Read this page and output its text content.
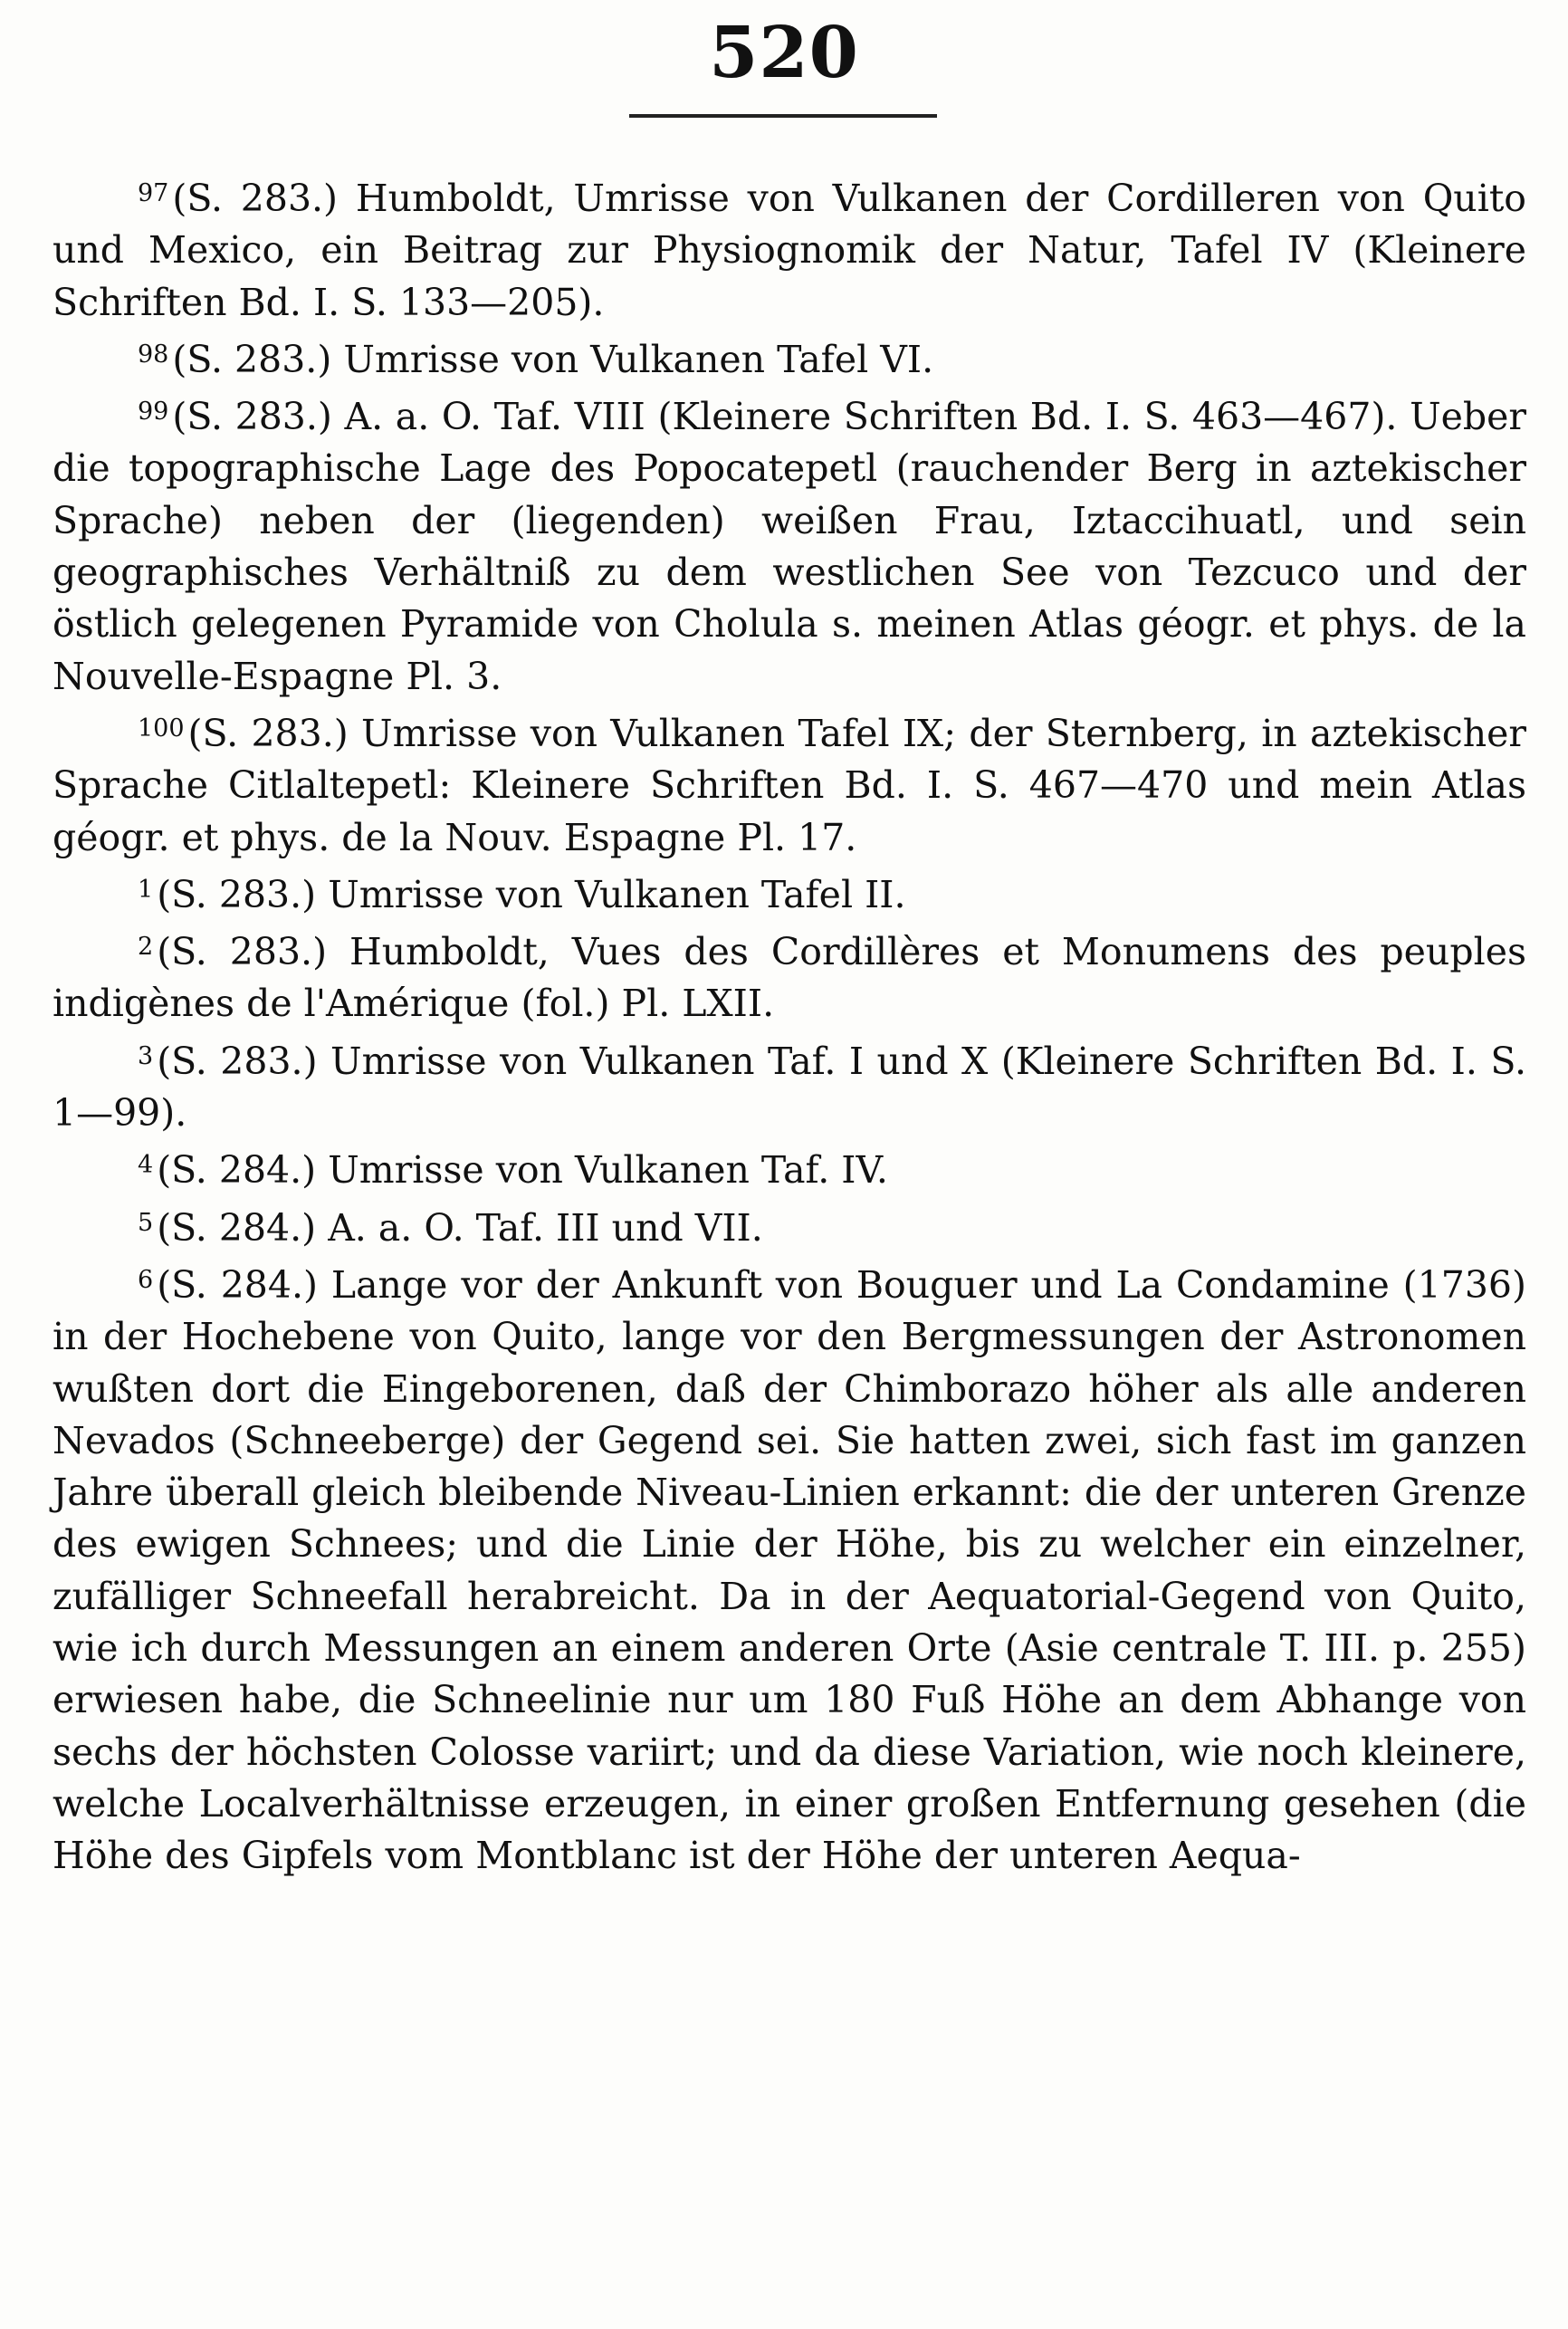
520

$^{97}$(S. 283.) Humboldt, Umrisse von Vulkanen der Cordilleren von Quito und Mexico, ein Beitrag zur Physiognomik der Natur, Tafel IV (Kleinere Schriften Bd. I. S. 133—205).

$^{98}$(S. 283.) Umrisse von Vulkanen Tafel VI.

$^{99}$(S. 283.) A. a. O. Taf. VIII (Kleinere Schriften Bd. I. S. 463—467). Ueber die topographische Lage des Popocatepetl (rauchender Berg in aztekischer Sprache) neben der (liegenden) weißen Frau, Iztaccihuatl, und sein geographisches Verhältniß zu dem westlichen See von Tezcuco und der östlich gelegenen Pyramide von Cholula s. meinen Atlas géogr. et phys. de la Nouvelle-Espagne Pl. 3.

$^{100}$(S. 283.) Umrisse von Vulkanen Tafel IX; der Sternberg, in aztekischer Sprache Citlaltepetl: Kleinere Schriften Bd. I. S. 467—470 und mein Atlas géogr. et phys. de la Nouv. Espagne Pl. 17.

$^1$(S. 283.) Umrisse von Vulkanen Tafel II.

$^2$(S. 283.) Humboldt, Vues des Cordillères et Monumens des peuples indigènes de l'Amérique (fol.) Pl. LXII.

$^3$(S. 283.) Umrisse von Vulkanen Taf. I und X (Kleinere Schriften Bd. I. S. 1—99).

$^4$(S. 284.) Umrisse von Vulkanen Taf. IV.

$^5$(S. 284.) A. a. O. Taf. III und VII.

$^6$(S. 284.) Lange vor der Ankunft von Bouguer und La Condamine (1736) in der Hochebene von Quito, lange vor den Bergmessungen der Astronomen wußten dort die Eingeborenen, daß der Chimborazo höher als alle anderen Nevados (Schneeberge) der Gegend sei. Sie hatten zwei, sich fast im ganzen Jahre überall gleich bleibende Niveau-Linien erkannt: die der unteren Grenze des ewigen Schnees; und die Linie der Höhe, bis zu welcher ein einzelner, zufälliger Schneefall herabreicht. Da in der Aequatorial-Gegend von Quito, wie ich durch Messungen an einem anderen Orte (Asie centrale T. III. p. 255) erwiesen habe, die Schneelinie nur um 180 Fuß Höhe an dem Abhange von sechs der höchsten Colosse variirt; und da diese Variation, wie noch kleinere, welche Localverhältnisse erzeugen, in einer großen Entfernung gesehen (die Höhe des Gipfels vom Montblanc ist der Höhe der unteren Aequa-
